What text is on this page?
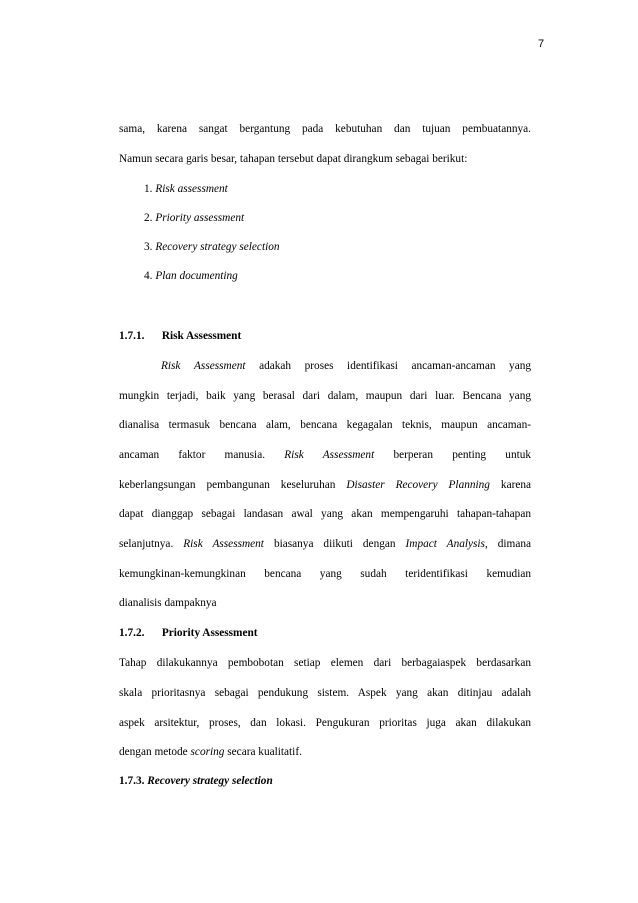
7
sama, karena sangat bergantung pada kebutuhan dan tujuan pembuatannya.
Namun secara garis besar, tahapan tersebut dapat dirangkum sebagai berikut:
1. Risk assessment
2. Priority assessment
3. Recovery strategy selection
4. Plan documenting
1.7.1. Risk Assessment
Risk Assessment adakah proses identifikasi ancaman-ancaman yang
mungkin terjadi, baik yang berasal dari dalam, maupun dari luar. Bencana yang
dianalisa termasuk bencana alam, bencana kegagalan teknis, maupun ancaman-
ancaman faktor manusia. Risk Assessment berperan penting untuk
keberlangsungan pembangunan keseluruhan Disaster Recovery Planning karena
dapat dianggap sebagai landasan awal yang akan mempengaruhi tahapan-tahapan
selanjutnya. Risk Assessment biasanya diikuti dengan Impact Analysis, dimana
kemungkinan-kemungkinan bencana yang sudah teridentifikasi kemudian
dianalisis dampaknya
1.7.2. Priority Assessment
Tahap dilakukannya pembobotan setiap elemen dari berbagaiaspek berdasarkan
skala prioritasnya sebagai pendukung sistem. Aspek yang akan ditinjau adalah
aspek arsitektur, proses, dan lokasi. Pengukuran prioritas juga akan dilakukan
dengan metode scoring secara kualitatif.
1.7.3. Recovery strategy selection
